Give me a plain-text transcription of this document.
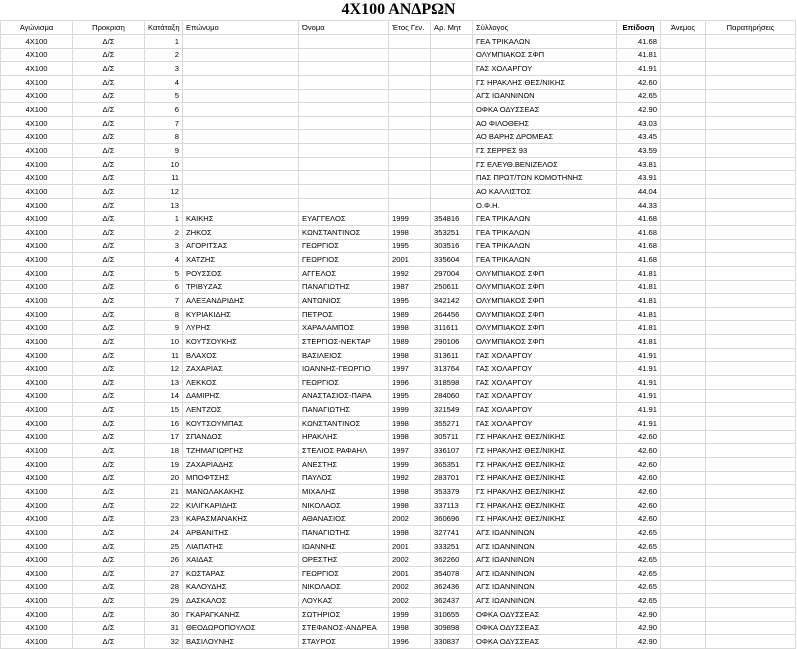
4Χ100 ΑΝΔΡΩΝ
Αγώνισμα	Προκριση	Κατάταξη	Επώνυμο	Όνομα	Έτος Γεν.	Αρ. Μητ	Σύλλογος	Επίδοση	Άνεμος	Παρατηρήσεις
4X100	Δ/Σ	1					ΓΕΑ ΤΡΙΚΑΛΩΝ	41.68		
4X100	Δ/Σ	2					ΟΛΥΜΠΙΑΚΟΣ ΣΦΠ	41.81		
4X100	Δ/Σ	3					ΓΑΣ ΧΟΛΑΡΓΟΥ	41.91		
4X100	Δ/Σ	4					ΓΣ ΗΡΑΚΛΗΣ ΘΕΣ/ΝΙΚΗΣ	42.60		
4X100	Δ/Σ	5					ΑΓΣ ΙΩΑΝΝΙΝΩΝ	42.65		
4X100	Δ/Σ	6					ΟΦΚΑ ΟΔΥΣΣΕΑΣ	42.90		
4X100	Δ/Σ	7					ΑΟ ΦΙΛΟΘΕΗΣ	43.03		
4X100	Δ/Σ	8					ΑΟ ΒΑΡΗΣ ΔΡΟΜΕΑΣ	43.45		
4X100	Δ/Σ	9					ΓΣ ΣΕΡΡΕΣ 93	43.59		
4X100	Δ/Σ	10					ΓΣ ΕΛΕΥΘ.ΒΕΝΙΖΕΛΟΣ	43.81		
4X100	Δ/Σ	11					ΠΑΣ ΠΡΩΤ/ΤΩΝ ΚΟΜΟΤΗΝΗΣ	43.91		
4X100	Δ/Σ	12					ΑΟ ΚΑΛΛΙΣΤΟΣ	44.04		
4X100	Δ/Σ	13					Ο.Φ.Η.	44.33		
4X100	Δ/Σ	1	ΚΑΙΚΗΣ	ΕΥΑΓΓΕΛΟΣ	1999	354816	ΓΕΑ ΤΡΙΚΑΛΩΝ	41.68		
4X100	Δ/Σ	2	ΖΗΚΟΣ	ΚΩΝΣΤΑΝΤΙΝΟΣ	1998	353251	ΓΕΑ ΤΡΙΚΑΛΩΝ	41.68		
4X100	Δ/Σ	3	ΑΓΟΡΙΤΣΑΣ	ΓΕΩΡΓΙΟΣ	1995	303516	ΓΕΑ ΤΡΙΚΑΛΩΝ	41.68		
4X100	Δ/Σ	4	ΧΑΤΖΗΣ	ΓΕΩΡΓΙΟΣ	2001	335604	ΓΕΑ ΤΡΙΚΑΛΩΝ	41.68		
4X100	Δ/Σ	5	ΡΟΥΣΣΟΣ	ΑΓΓΕΛΟΣ	1992	297004	ΟΛΥΜΠΙΑΚΟΣ ΣΦΠ	41.81		
4X100	Δ/Σ	6	ΤΡΙΒΥΖΑΣ	ΠΑΝΑΓΙΩΤΗΣ	1987	250611	ΟΛΥΜΠΙΑΚΟΣ ΣΦΠ	41.81		
4X100	Δ/Σ	7	ΑΛΕΞΑΝΔΡΙΔΗΣ	ΑΝΤΩΝΙΟΣ	1995	342142	ΟΛΥΜΠΙΑΚΟΣ ΣΦΠ	41.81		
4X100	Δ/Σ	8	ΚΥΡΙΑΚΙΔΗΣ	ΠΕΤΡΟΣ	1989	264456	ΟΛΥΜΠΙΑΚΟΣ ΣΦΠ	41.81		
4X100	Δ/Σ	9	ΛΥΡΗΣ	ΧΑΡΑΛΑΜΠΟΣ	1998	311611	ΟΛΥΜΠΙΑΚΟΣ ΣΦΠ	41.81		
4X100	Δ/Σ	10	ΚΟΥΤΣΟΥΚΗΣ	ΣΤΕΡΓΙΟΣ-ΝΕΚΤΑΡ	1989	290106	ΟΛΥΜΠΙΑΚΟΣ ΣΦΠ	41.81		
4X100	Δ/Σ	11	ΒΛΑΧΟΣ	ΒΑΣΙΛΕΙΟΣ	1998	313611	ΓΑΣ ΧΟΛΑΡΓΟΥ	41.91		
4X100	Δ/Σ	12	ΖΑΧΑΡΙΑΣ	ΙΩΑΝΝΗΣ-ΓΕΩΡΓΙΟ	1997	313764	ΓΑΣ ΧΟΛΑΡΓΟΥ	41.91		
4X100	Δ/Σ	13	ΛΕΚΚΟΣ	ΓΕΩΡΓΙΟΣ	1996	318598	ΓΑΣ ΧΟΛΑΡΓΟΥ	41.91		
4X100	Δ/Σ	14	ΔΑΜΙΡΗΣ	ΑΝΑΣΤΑΣΙΟΣ-ΠΑΡΑ	1995	284060	ΓΑΣ ΧΟΛΑΡΓΟΥ	41.91		
4X100	Δ/Σ	15	ΛΕΝΤΖΟΣ	ΠΑΝΑΓΙΩΤΗΣ	1999	321549	ΓΑΣ ΧΟΛΑΡΓΟΥ	41.91		
4X100	Δ/Σ	16	ΚΟΥΤΣΟΥΜΠΑΣ	ΚΩΝΣΤΑΝΤΙΝΟΣ	1998	355271	ΓΑΣ ΧΟΛΑΡΓΟΥ	41.91		
4X100	Δ/Σ	17	ΣΠΑΝΔΟΣ	ΗΡΑΚΛΗΣ	1998	305711	ΓΣ ΗΡΑΚΛΗΣ ΘΕΣ/ΝΙΚΗΣ	42.60		
4X100	Δ/Σ	18	ΤΖΗΜΑΓΙΩΡΓΗΣ	ΣΤΕΛΙΟΣ ΡΑΦΑΗΛ	1997	336107	ΓΣ ΗΡΑΚΛΗΣ ΘΕΣ/ΝΙΚΗΣ	42.60		
4X100	Δ/Σ	19	ΖΑΧΑΡΙΑΔΗΣ	ΑΝΕΣΤΗΣ	1999	365351	ΓΣ ΗΡΑΚΛΗΣ ΘΕΣ/ΝΙΚΗΣ	42.60		
4X100	Δ/Σ	20	ΜΠΟΦΤΣΗΣ	ΠΑΥΛΟΣ	1992	283701	ΓΣ ΗΡΑΚΛΗΣ ΘΕΣ/ΝΙΚΗΣ	42.60		
4X100	Δ/Σ	21	ΜΑΝΩΛΑΚΑΚΗΣ	ΜΙΧΑΛΗΣ	1998	353379	ΓΣ ΗΡΑΚΛΗΣ ΘΕΣ/ΝΙΚΗΣ	42.60		
4X100	Δ/Σ	22	ΚΙΛΙΓΚΑΡΙΔΗΣ	ΝΙΚΟΛΑΟΣ	1998	337113	ΓΣ ΗΡΑΚΛΗΣ ΘΕΣ/ΝΙΚΗΣ	42.60		
4X100	Δ/Σ	23	ΚΑΡΑΣΜΑΝΑΚΗΣ	ΑΘΑΝΑΣΙΟΣ	2002	360696	ΓΣ ΗΡΑΚΛΗΣ ΘΕΣ/ΝΙΚΗΣ	42.60		
4X100	Δ/Σ	24	ΑΡΒΑΝΙΤΗΣ	ΠΑΝΑΓΙΩΤΗΣ	1998	327741	ΑΓΣ ΙΩΑΝΝΙΝΩΝ	42.65		
4X100	Δ/Σ	25	ΛΙΑΠΑΤΗΣ	ΙΩΑΝΝΗΣ	2001	333251	ΑΓΣ ΙΩΑΝΝΙΝΩΝ	42.65		
4X100	Δ/Σ	26	ΧΑΙΔΑΣ	ΟΡΕΣΤΗΣ	2002	362260	ΑΓΣ ΙΩΑΝΝΙΝΩΝ	42.65		
4X100	Δ/Σ	27	ΚΩΣΤΑΡΑΣ	ΓΕΩΡΓΙΟΣ	2001	354078	ΑΓΣ ΙΩΑΝΝΙΝΩΝ	42.65		
4X100	Δ/Σ	28	ΚΑΛΟΥΔΗΣ	ΝΙΚΟΛΑΟΣ	2002	362436	ΑΓΣ ΙΩΑΝΝΙΝΩΝ	42.65		
4X100	Δ/Σ	29	ΔΑΣΚΑΛΟΣ	ΛΟΥΚΑΣ	2002	362437	ΑΓΣ ΙΩΑΝΝΙΝΩΝ	42.65		
4X100	Δ/Σ	30	ΓΚΑΡΑΓΚΑΝΗΣ	ΣΩΤΗΡΙΟΣ	1999	310655	ΟΦΚΑ ΟΔΥΣΣΕΑΣ	42.90		
4X100	Δ/Σ	31	ΘΕΟΔΩΡΟΠΟΥΛΟΣ	ΣΤΕΦΑΝΟΣ-ΑΝΔΡΕΑ	1998	309898	ΟΦΚΑ ΟΔΥΣΣΕΑΣ	42.90		
4X100	Δ/Σ	32	ΒΑΣΙΛΟΥΝΗΣ	ΣΤΑΥΡΟΣ	1996	330837	ΟΦΚΑ ΟΔΥΣΣΕΑΣ	42.90		
